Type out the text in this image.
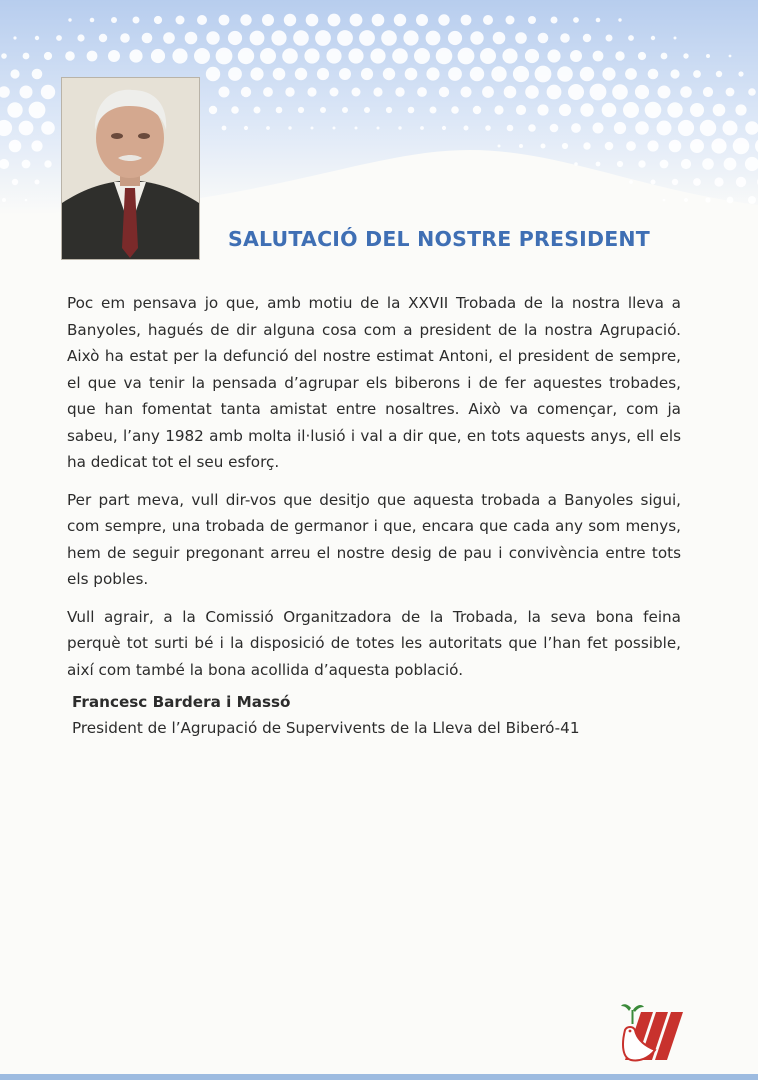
SALUTACIÓ DEL NOSTRE PRESIDENT

Poc em pensava jo que, amb motiu de la XXVII Trobada de la nostra lleva a Banyoles, hagués de dir alguna cosa com a president de la nostra Agrupació. Això ha estat per la defunció del nostre estimat Antoni, el president de sempre, el que va tenir la pensada d’agrupar els biberons i de fer aquestes trobades, que han fomentat tanta amistat entre nosaltres. Això va començar, com ja sabeu, l’any 1982 amb molta il·lusió i val a dir que, en tots aquests anys, ell els ha dedicat tot el seu esforç.

Per part meva, vull dir-vos que desitjo que aquesta trobada a Banyoles sigui, com sempre, una trobada de germanor i que, encara que cada any som menys, hem de seguir pregonant arreu el nostre desig de pau i convivència entre tots els pobles.

Vull agrair, a la Comissió Organitzadora de la Trobada, la seva bona feina perquè tot surti bé i la disposició de totes les autoritats que l’han fet possible, així com també la bona acollida d’aquesta població.

Francesc Bardera i Massó
President de l’Agrupació de Supervivents de la Lleva del Biberó-41
